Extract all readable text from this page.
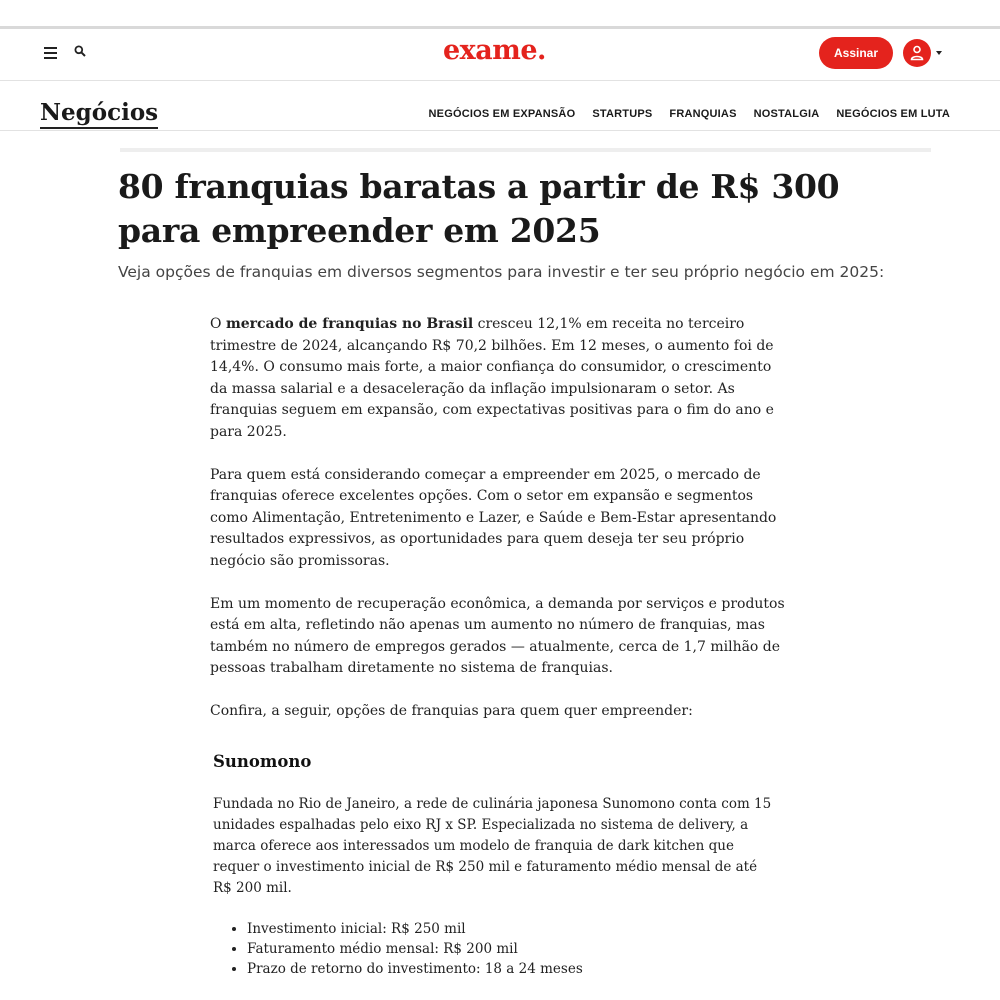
exame.	Assinar
Negócios	NEGÓCIOS EM EXPANSÃO STARTUPS FRANQUIAS NOSTALGIA NEGÓCIOS EM LUTA
80 franquias baratas a partir de R$ 300 para empreender em 2025

Veja opções de franquias em diversos segmentos para investir e ter seu próprio negócio em 2025:

O mercado de franquias no Brasil cresceu 12,1% em receita no terceiro trimestre de 2024, alcançando R$ 70,2 bilhões. Em 12 meses, o aumento foi de 14,4%. O consumo mais forte, a maior confiança do consumidor, o crescimento da massa salarial e a desaceleração da inflação impulsionaram o setor. As franquias seguem em expansão, com expectativas positivas para o fim do ano e para 2025.

Para quem está considerando começar a empreender em 2025, o mercado de franquias oferece excelentes opções. Com o setor em expansão e segmentos como Alimentação, Entretenimento e Lazer, e Saúde e Bem-Estar apresentando resultados expressivos, as oportunidades para quem deseja ter seu próprio negócio são promissoras.

Em um momento de recuperação econômica, a demanda por serviços e produtos está em alta, refletindo não apenas um aumento no número de franquias, mas também no número de empregos gerados — atualmente, cerca de 1,7 milhão de pessoas trabalham diretamente no sistema de franquias.

Confira, a seguir, opções de franquias para quem quer empreender:

Sunomono

Fundada no Rio de Janeiro, a rede de culinária japonesa Sunomono conta com 15 unidades espalhadas pelo eixo RJ x SP. Especializada no sistema de delivery, a marca oferece aos interessados um modelo de franquia de dark kitchen que requer o investimento inicial de R$ 250 mil e faturamento médio mensal de até R$ 200 mil.

• Investimento inicial: R$ 250 mil
• Faturamento médio mensal: R$ 200 mil
• Prazo de retorno do investimento: 18 a 24 meses
